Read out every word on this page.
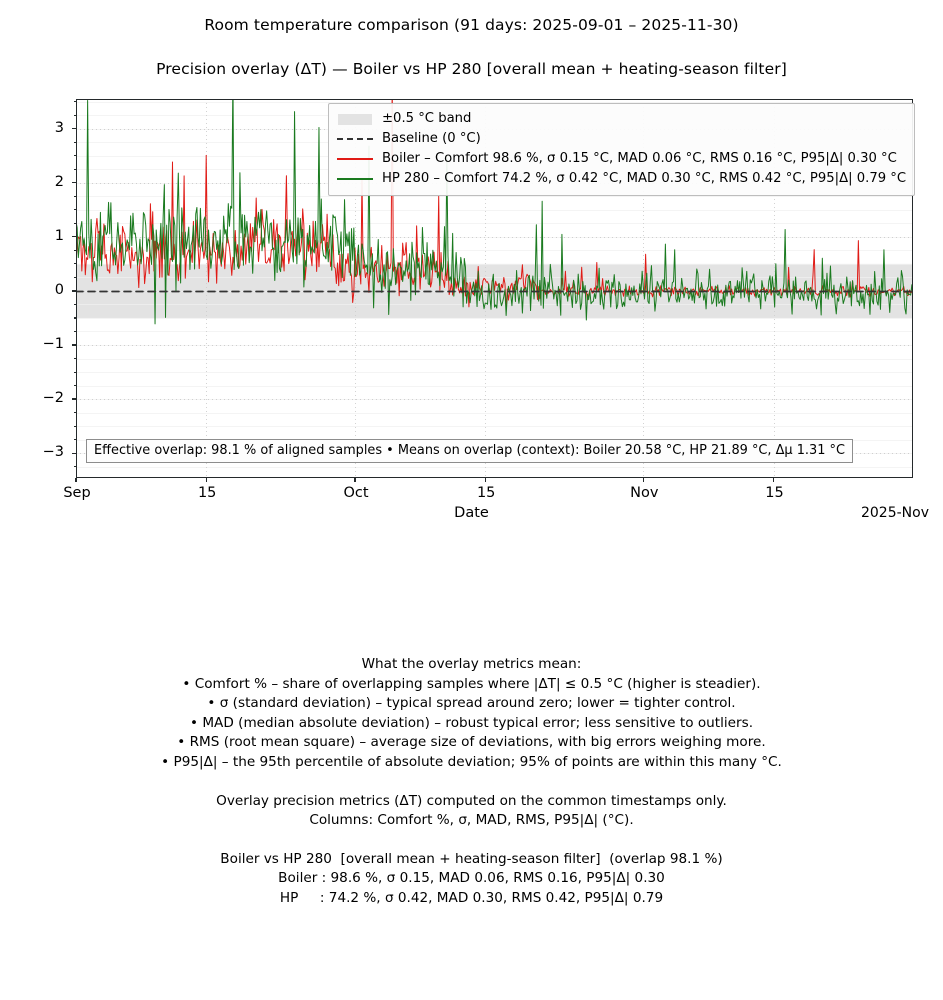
Room temperature comparison (91 days: 2025-09-01 – 2025-11-30)
Precision overlay (ΔT) — Boiler vs HP 280 [overall mean + heating-season filter]
3
2
1
0
−1
−2
−3
Sep	15	Oct	15	Nov	15
±0.5 °C band
Baseline (0 °C)
Boiler – Comfort 98.6 %, σ 0.15 °C, MAD 0.06 °C, RMS 0.16 °C, P95|Δ| 0.30 °C
HP 280 – Comfort 74.2 %, σ 0.42 °C, MAD 0.30 °C, RMS 0.42 °C, P95|Δ| 0.79 °C
Effective overlap: 98.1 % of aligned samples • Means on overlap (context): Boiler 20.58 °C, HP 21.89 °C, Δμ 1.31 °C
Date	2025-Nov
What the overlay metrics mean:
• Comfort % – share of overlapping samples where |ΔT| ≤ 0.5 °C (higher is steadier).
• σ (standard deviation) – typical spread around zero; lower = tighter control.
• MAD (median absolute deviation) – robust typical error; less sensitive to outliers.
• RMS (root mean square) – average size of deviations, with big errors weighing more.
• P95|Δ| – the 95th percentile of absolute deviation; 95% of points are within this many °C.
Overlay precision metrics (ΔT) computed on the common timestamps only.
Columns: Comfort %, σ, MAD, RMS, P95|Δ| (°C).
Boiler vs HP 280  [overall mean + heating-season filter]  (overlap 98.1 %)
Boiler : 98.6 %, σ 0.15, MAD 0.06, RMS 0.16, P95|Δ| 0.30
HP     : 74.2 %, σ 0.42, MAD 0.30, RMS 0.42, P95|Δ| 0.79
